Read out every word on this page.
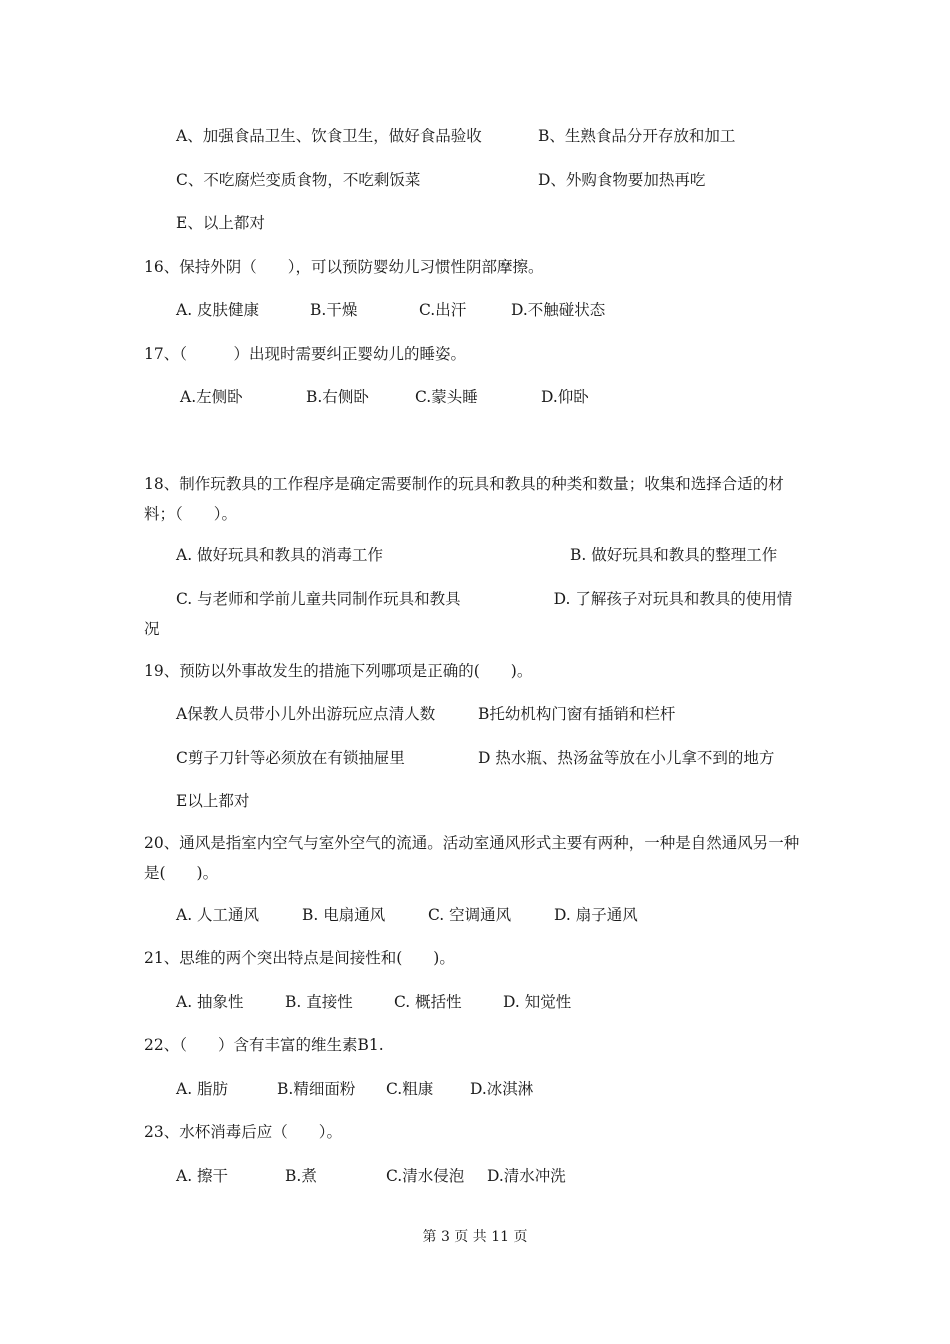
A、加强食品卫生、饮食卫生，做好食品验收	B、生熟食品分开存放和加工
C、不吃腐烂变质食物，不吃剩饭菜	D、外购食物要加热再吃
E、以上都对
16、保持外阴（　　），可以预防婴幼儿习惯性阴部摩擦。
A. 皮肤健康	B.干燥	C.出汗	D.不触碰状态
17、（　　　）出现时需要纠正婴幼儿的睡姿。
A.左侧卧	B.右侧卧	C.蒙头睡	D.仰卧
18、制作玩教具的工作程序是确定需要制作的玩具和教具的种类和数量；收集和选择合适的材料；（　　）。
A. 做好玩具和教具的消毒工作	B. 做好玩具和教具的整理工作
C. 与老师和学前儿童共同制作玩具和教具　　　　　　D. 了解孩子对玩具和教具的使用情况
19、预防以外事故发生的措施下列哪项是正确的(　　)。
A保教人员带小儿外出游玩应点清人数	B托幼机构门窗有插销和栏杆
C剪子刀针等必须放在有锁抽屉里	D 热水瓶、热汤盆等放在小儿拿不到的地方
E以上都对
20、通风是指室内空气与室外空气的流通。活动室通风形式主要有两种，一种是自然通风另一种是(　　)。
A. 人工通风	B. 电扇通风	C. 空调通风	D. 扇子通风
21、思维的两个突出特点是间接性和(　　)。
A. 抽象性	B. 直接性	C. 概括性	D. 知觉性
22、（　　）含有丰富的维生素B1.
A. 脂肪	B.精细面粉 C.粗康 D.冰淇淋
23、水杯消毒后应（　　）。
A. 擦干	B.煮	C.清水侵泡 D.清水冲洗
第 3 页 共 11 页
